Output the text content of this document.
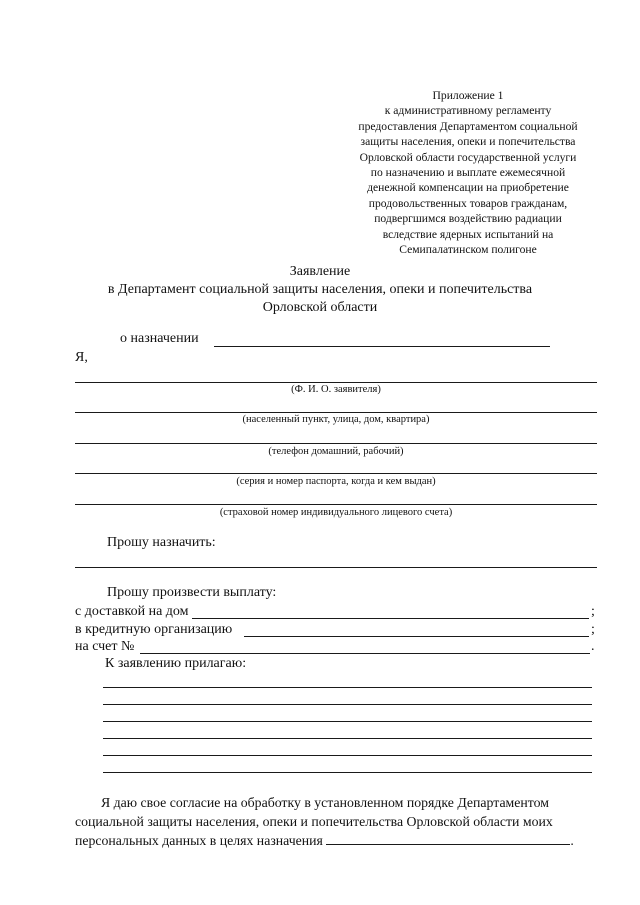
Приложение 1
к административному регламенту
предоставления Департаментом социальной
защиты населения, опеки и попечительства
Орловской области государственной услуги
по назначению и выплате ежемесячной
денежной компенсации на приобретение
продовольственных товаров гражданам,
подвергшимся воздействию радиации
вследствие ядерных испытаний на
Семипалатинском полигоне
Заявление
в Департамент социальной защиты населения, опеки и попечительства
Орловской области
о назначении
Я,
(Ф. И. О. заявителя)
(населенный пункт, улица, дом, квартира)
(телефон домашний, рабочий)
(серия и номер паспорта, когда и кем выдан)
(страховой номер индивидуального лицевого счета)
Прошу назначить:
Прошу произвести выплату:
с доставкой на дом	;
в кредитную организацию	;
на счет №	.
К заявлению прилагаю:
Я даю свое согласие на обработку в установленном порядке Департаментом социальной защиты населения, опеки и попечительства Орловской области моих персональных данных в целях назначения	.
